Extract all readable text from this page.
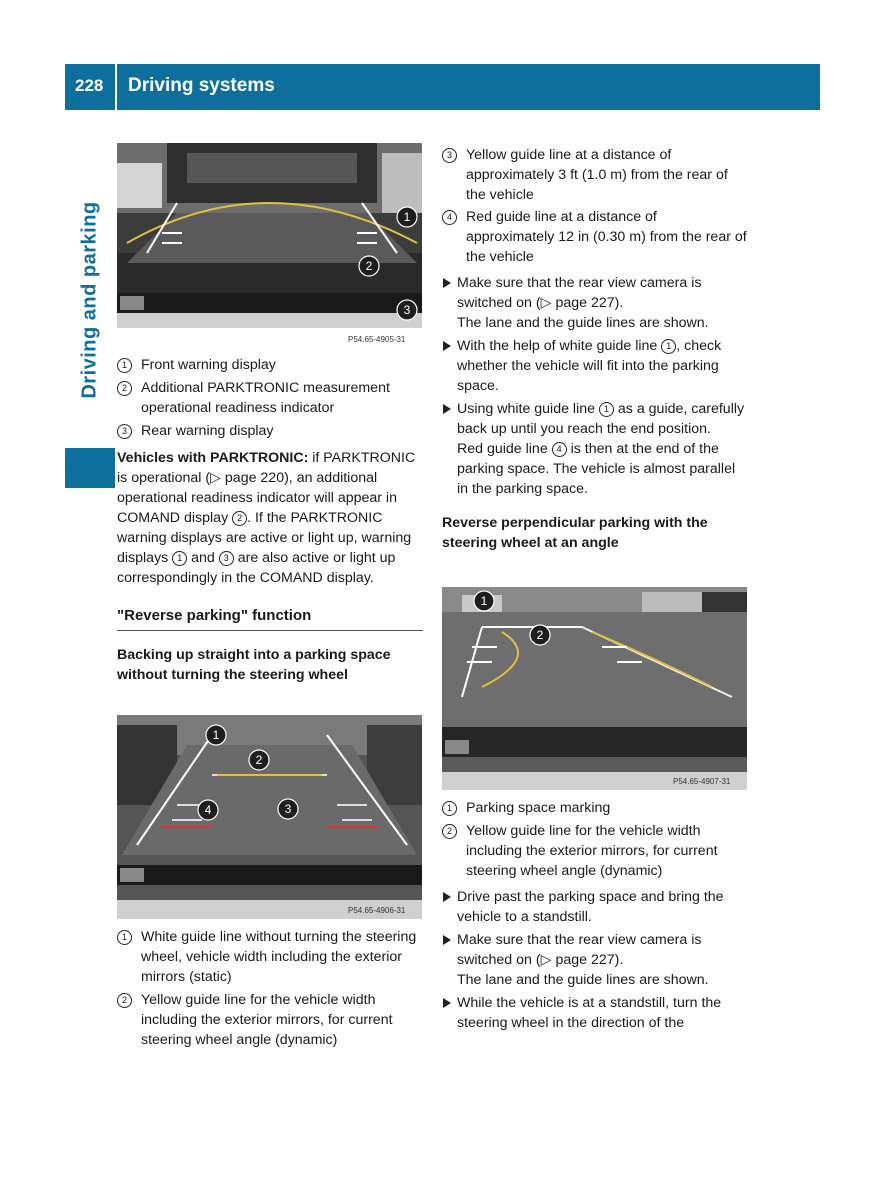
228 Driving systems
Driving and parking	1
2
3
P54.65-4905-31
1 Front warning display
2 Additional PARKTRONIC measurement operational readiness indicator
3 Rear warning display

Vehicles with PARKTRONIC: if PARKTRONIC is operational (▷ page 220), an additional operational readiness indicator will appear in COMAND display 2 . If the PARKTRONIC warning displays are active or light up, warning displays 1 and 3 are also active or light up correspondingly in the COMAND display.

"Reverse parking" function

Backing up straight into a parking space without turning the steering wheel

1
2
3
4
P54.65-4906-31
1 White guide line without turning the steering wheel, vehicle width including the exterior mirrors (static)
2 Yellow guide line for the vehicle width including the exterior mirrors, for current steering wheel angle (dynamic)
3 Yellow guide line at a distance of approximately 3 ft (1.0 m) from the rear of the vehicle
4 Red guide line at a distance of approximately 12 in (0.30 m) from the rear of the vehicle

Make sure that the rear view camera is switched on (▷ page 227).

The lane and the guide lines are shown.

With the help of white guide line 1 , check whether the vehicle will fit into the parking space.

Using white guide line 1 as a guide, carefully back up until you reach the end position.

Red guide line 4 is then at the end of the parking space. The vehicle is almost parallel in the parking space.

Reverse perpendicular parking with the steering wheel at an angle

1
2
P54.65-4907-31
1 Parking space marking
2 Yellow guide line for the vehicle width including the exterior mirrors, for current steering wheel angle (dynamic)

Drive past the parking space and bring the vehicle to a standstill.

Make sure that the rear view camera is switched on (▷ page 227).

The lane and the guide lines are shown.

While the vehicle is at a standstill, turn the steering wheel in the direction of the
